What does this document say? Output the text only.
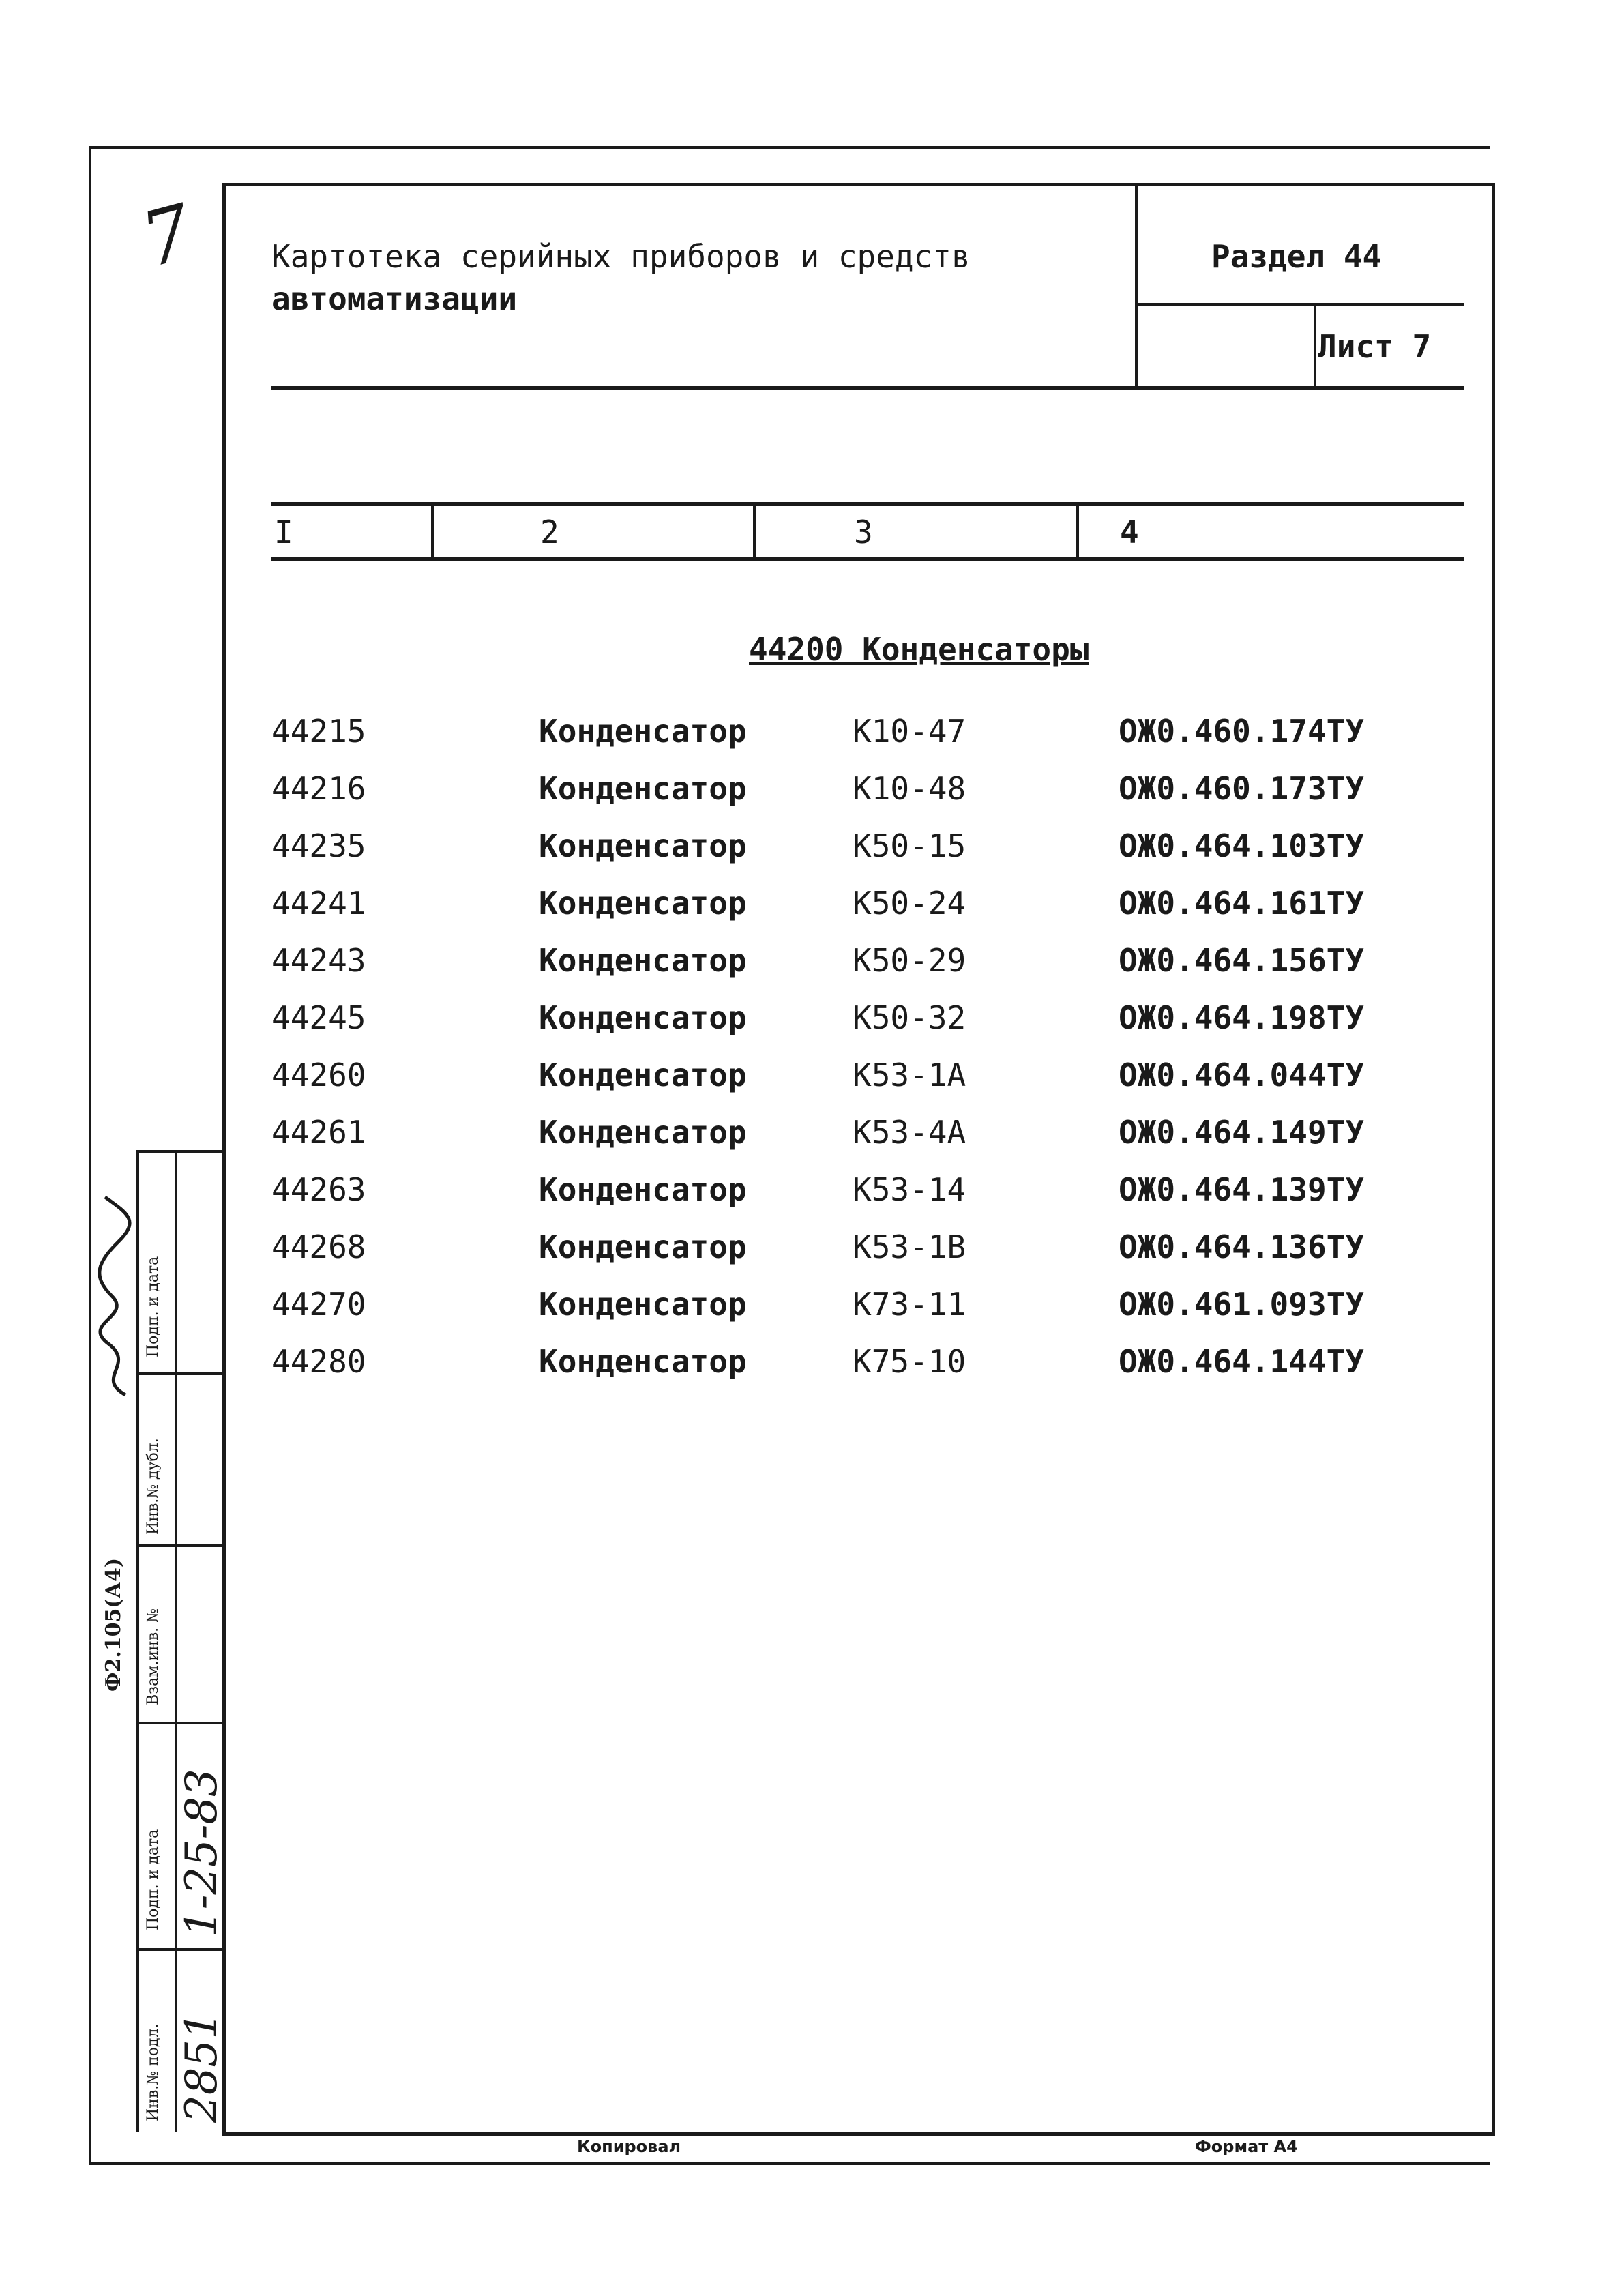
Картотека серийных приборов и средств
автоматизации
Раздел 44
Лист 7
7
I	2	3	4
44200 Конденсаторы
44215	Конденсатор	K10-47	ОЖ0.460.174ТУ
44216	Конденсатор	K10-48	ОЖ0.460.173ТУ
44235	Конденсатор	K50-15	ОЖ0.464.103ТУ
44241	Конденсатор	K50-24	ОЖ0.464.161ТУ
44243	Конденсатор	K50-29	ОЖ0.464.156ТУ
44245	Конденсатор	K50-32	ОЖ0.464.198ТУ
44260	Конденсатор	K53-1A	ОЖ0.464.044ТУ
44261	Конденсатор	K53-4A	ОЖ0.464.149ТУ
44263	Конденсатор	K53-14	ОЖ0.464.139ТУ
44268	Конденсатор	K53-1B	ОЖ0.464.136ТУ
44270	Конденсатор	K73-11	ОЖ0.461.093ТУ
44280	Конденсатор	K75-10	ОЖ0.464.144ТУ
Инв.№ подл.
Подп. и дата
Взам.инв. №
Инв.№ дубл.
Подп. и дата
2851
1-25-83
Ф2.105(А4)
Копировал	Формат А4
